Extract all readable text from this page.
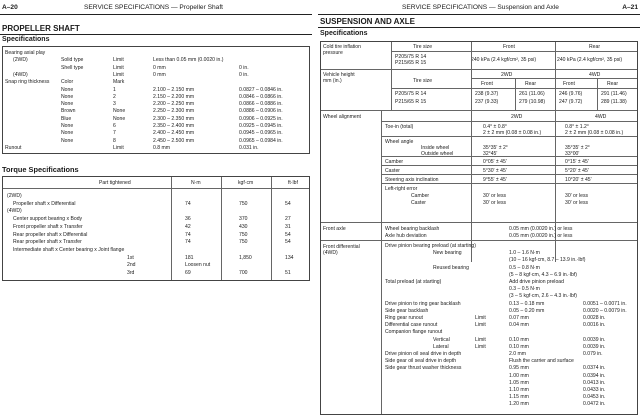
A–20	SERVICE SPECIFICATIONS — Propeller Shaft
PROPELLER SHAFT
Specifications
Bearing axial play
(2WD)	Solid type	Limit	Less than 0.05 mm (0.0020 in.)
Shell type	Limit	0 mm	0 in.
(4WD)	Limit	0 mm	0 in.
Snap ring thickness Color	Mark
None	1	2.100 – 2.150 mm	0.0827 – 0.0846 in.
None	2	2.150 – 2.200 mm	0.0846 – 0.0866 in.
None	3	2.200 – 2.250 mm	0.0866 – 0.0886 in.
Brown	None	2.250 – 2.300 mm	0.0886 – 0.0906 in.
Blue	None	2.300 – 2.350 mm	0.0906 – 0.0925 in.
None	6	2.350 – 2.400 mm	0.0925 – 0.0945 in.
None	7	2.400 – 2.450 mm	0.0945 – 0.0965 in.
None	8	2.450 – 2.500 mm	0.0965 – 0.0984 in.
Runout	Limit	0.8 mm	0.031 in.
Torque Specifications
Part tightened	N·m	kgf·cm	ft·lbf
(2WD)
Propeller shaft x Differential	74	750	54
(4WD)
Center support bearing x Body	36	370	27
Front propeller shaft x Transfer	42	430	31
Rear propeller shaft x Differential	74	750	54
Rear propeller shaft x Transfer	74	750	54
Intermediate shaft x Center bearing x Joint flange
1st	181	1,850	134
2nd	Loosen nut
3rd	69	700	51
SERVICE SPECIFICATIONS — Suspension and Axle	A–21
SUSPENSION AND AXLE
Specifications
Cold tire inflation
pressure
Tire size	Front	Rear
P205/75 R 14
P215/65 R 15	240 kPa (2.4 kgf/cm², 35 psi)	240 kPa (2.4 kgf/cm², 35 psi)
Vehicle height
mm (in.)	Tire size
2WD	4WD
Front	Rear	Front	Rear
P205/75 R 14	238 (9.37)	261 (11.06)	246 (9.76)	291 (11.46)
P215/65 R 15	237 (9.33)	279 (10.98)	247 (9.72)	289 (11.38)
Wheel alignment	2WD	4WD
Toe-in (total)	0.4° ± 0.8°	0.8° ± 1.2°
2 ± 2 mm (0.08 ± 0.08 in.)	2 ± 2 mm (0.08 ± 0.08 in.)
Wheel angle
Inside wheel	35°35' ± 2°	35°35' ± 2°
Outside wheel	32°45'	33°00'
Camber	0°05' ± 45'	0°15' ± 45'
Caster	5°30' ± 45'	5°20' ± 45'
Steering axis inclination	9°55' ± 45'	10°20' ± 45'
Left-right error
Camber	30' or less	30' or less
Caster	30' or less	30' or less
Front axle	Wheel bearing backlash	0.05 mm (0.0020 in.) or less
Axle hub deviation	0.05 mm (0.0020 in.) or less
Front differential
(4WD)
Drive pinion bearing preload (at starting)
New bearing	1.0 – 1.6 N·m
(10 – 16 kgf·cm, 8.7 – 13.9 in.·lbf)
Reused bearing	0.5 – 0.8 N·m
(5 – 8 kgf·cm, 4.3 – 6.9 in.·lbf)
Total preload (at starting)	Add drive pinion preload
0.3 – 0.5 N·m
(3 – 5 kgf·cm, 2.6 – 4.3 in.·lbf)
Drive pinion to ring gear backlash	0.13 – 0.18 mm	0.0051 – 0.0071 in.
Side gear backlash	0.05 – 0.20 mm	0.0020 – 0.0079 in.
Ring gear runout	Limit	0.07 mm	0.0028 in.
Differential case runout	Limit	0.04 mm	0.0016 in.
Companion flange runout
Vertical	Limit	0.10 mm	0.0039 in.
Lateral	Limit	0.10 mm	0.0039 in.
Drive pinion oil seal drive in depth	2.0 mm	0.079 in.
Side gear oil seal drive in depth	Flush the carrier and surface
Side gear thrust washer thickness	0.95 mm	0.0374 in.
1.00 mm	0.0394 in.
1.05 mm	0.0413 in.
1.10 mm	0.0433 in.
1.15 mm	0.0453 in.
1.20 mm	0.0472 in.
